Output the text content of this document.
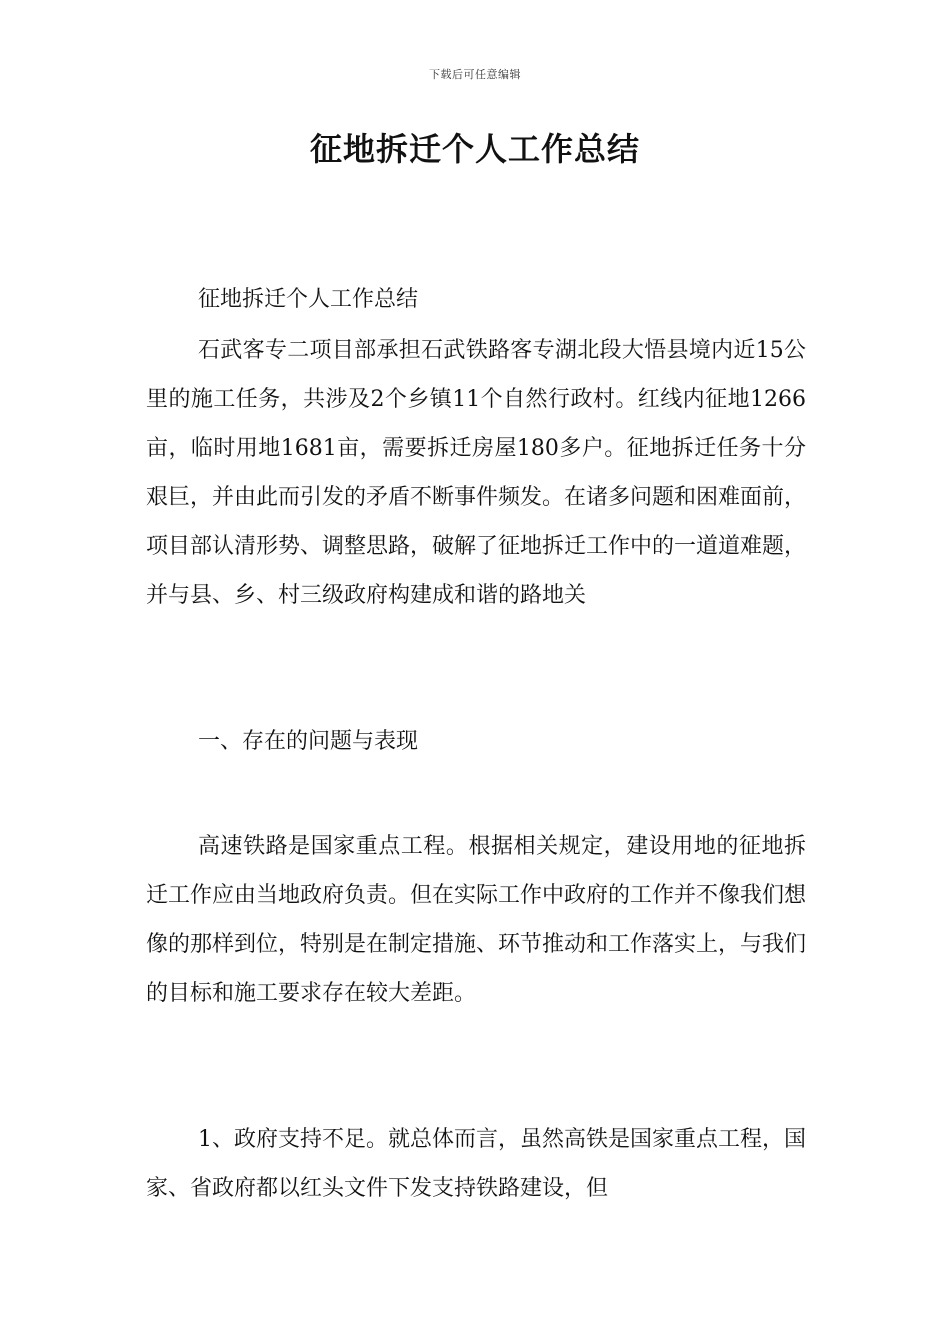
下载后可任意编辑
征地拆迁个人工作总结

征地拆迁个人工作总结

石武客专二项目部承担石武铁路客专湖北段大悟县境内近15公里的施工任务，共涉及2个乡镇11个自然行政村。红线内征地1266亩，临时用地1681亩，需要拆迁房屋180多户。征地拆迁任务十分艰巨，并由此而引发的矛盾不断事件频发。在诸多问题和困难面前，项目部认清形势、调整思路，破解了征地拆迁工作中的一道道难题，并与县、乡、村三级政府构建成和谐的路地关

一、存在的问题与表现

高速铁路是国家重点工程。根据相关规定，建设用地的征地拆迁工作应由当地政府负责。但在实际工作中政府的工作并不像我们想像的那样到位，特别是在制定措施、环节推动和工作落实上，与我们的目标和施工要求存在较大差距。

1、政府支持不足。就总体而言，虽然高铁是国家重点工程，国家、省政府都以红头文件下发支持铁路建设，但
